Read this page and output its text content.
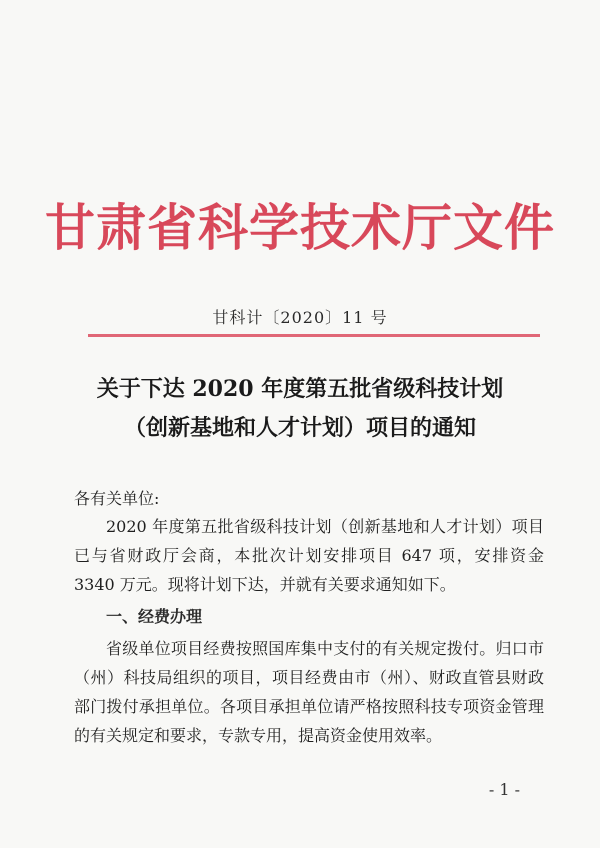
甘肃省科学技术厅文件
甘科计〔2020〕11 号
关于下达 2020 年度第五批省级科技计划
（创新基地和人才计划）项目的通知
各有关单位:
2020 年度第五批省级科技计划（创新基地和人才计划）项目已与省财政厅会商，本批次计划安排项目 647 项，安排资金 3340 万元。现将计划下达，并就有关要求通知如下。
一、经费办理
省级单位项目经费按照国库集中支付的有关规定拨付。归口市（州）科技局组织的项目，项目经费由市（州）、财政直管县财政部门拨付承担单位。各项目承担单位请严格按照科技专项资金管理的有关规定和要求，专款专用，提高资金使用效率。
- 1 -
